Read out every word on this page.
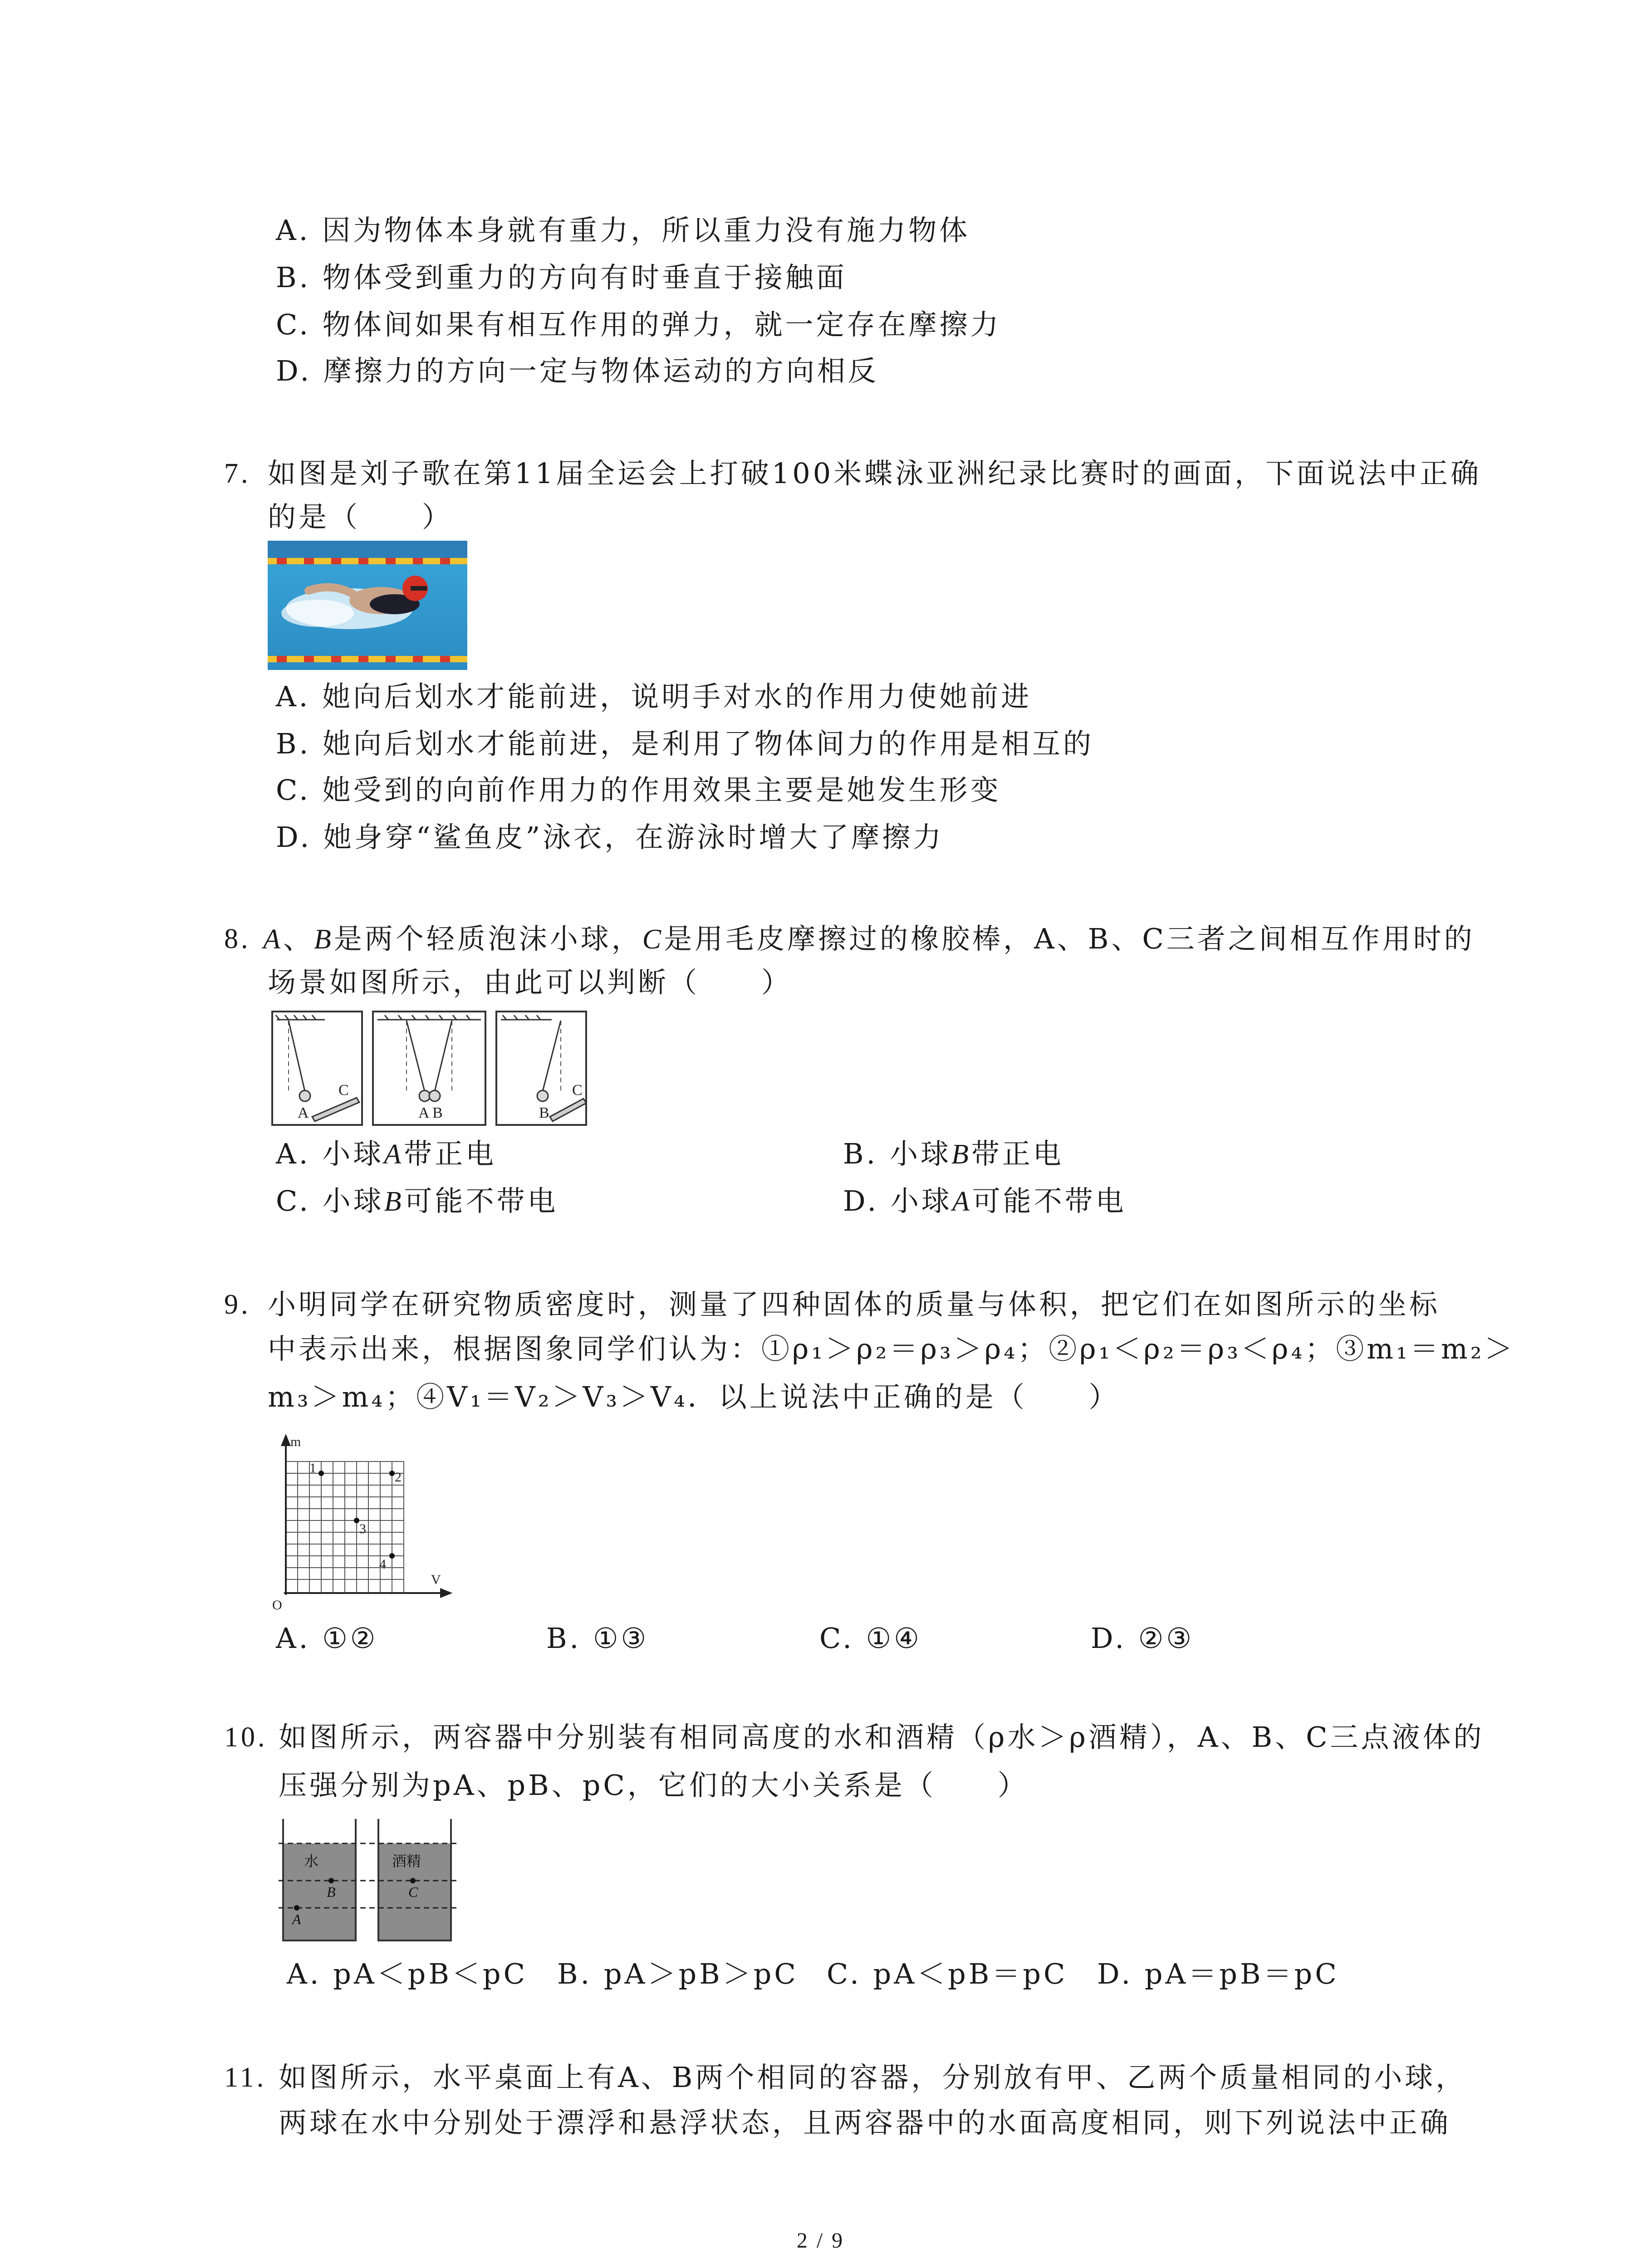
A. 因为物体本身就有重力，所以重力没有施力物体
B. 物体受到重力的方向有时垂直于接触面
C. 物体间如果有相互作用的弹力，就一定存在摩擦力
D. 摩擦力的方向一定与物体运动的方向相反
7. 如图是刘子歌在第11届全运会上打破100米蝶泳亚洲纪录比赛时的画面，下面说法中正确
的是（　　）
A. 她向后划水才能前进，说明手对水的作用力使她前进
B. 她向后划水才能前进，是利用了物体间力的作用是相互的
C. 她受到的向前作用力的作用效果主要是她发生形变
D. 她身穿“鲨鱼皮”泳衣，在游泳时增大了摩擦力
8. A、B是两个轻质泡沫小球，C是用毛皮摩擦过的橡胶棒，A、B、C三者之间相互作用时的
场景如图所示，由此可以判断（　　）
A
C
A B	B
C
A. 小球A带正电	B. 小球B带正电
C. 小球B可能不带电	D. 小球A可能不带电
9. 小明同学在研究物质密度时，测量了四种固体的质量与体积，把它们在如图所示的坐标
中表示出来，根据图象同学们认为：①ρ₁＞ρ₂＝ρ₃＞ρ₄；②ρ₁＜ρ₂＝ρ₃＜ρ₄；③m₁＝m₂＞
m₃＞m₄；④V₁＝V₂＞V₃＞V₄．以上说法中正确的是（　　）
m
V
O
1
2
3
4
A. ①②	B. ①③	C. ①④	D. ②③
10. 如图所示，两容器中分别装有相同高度的水和酒精（ρ水＞ρ酒精），A、B、C三点液体的
压强分别为pA、pB、pC，它们的大小关系是（　　）
水	酒精
B
A
C
A. pA＜pB＜pC B. pA＞pB＞pC C. pA＜pB＝pC D. pA＝pB＝pC
11. 如图所示，水平桌面上有A、B两个相同的容器，分别放有甲、乙两个质量相同的小球，
两球在水中分别处于漂浮和悬浮状态，且两容器中的水面高度相同，则下列说法中正确
2 / 9
